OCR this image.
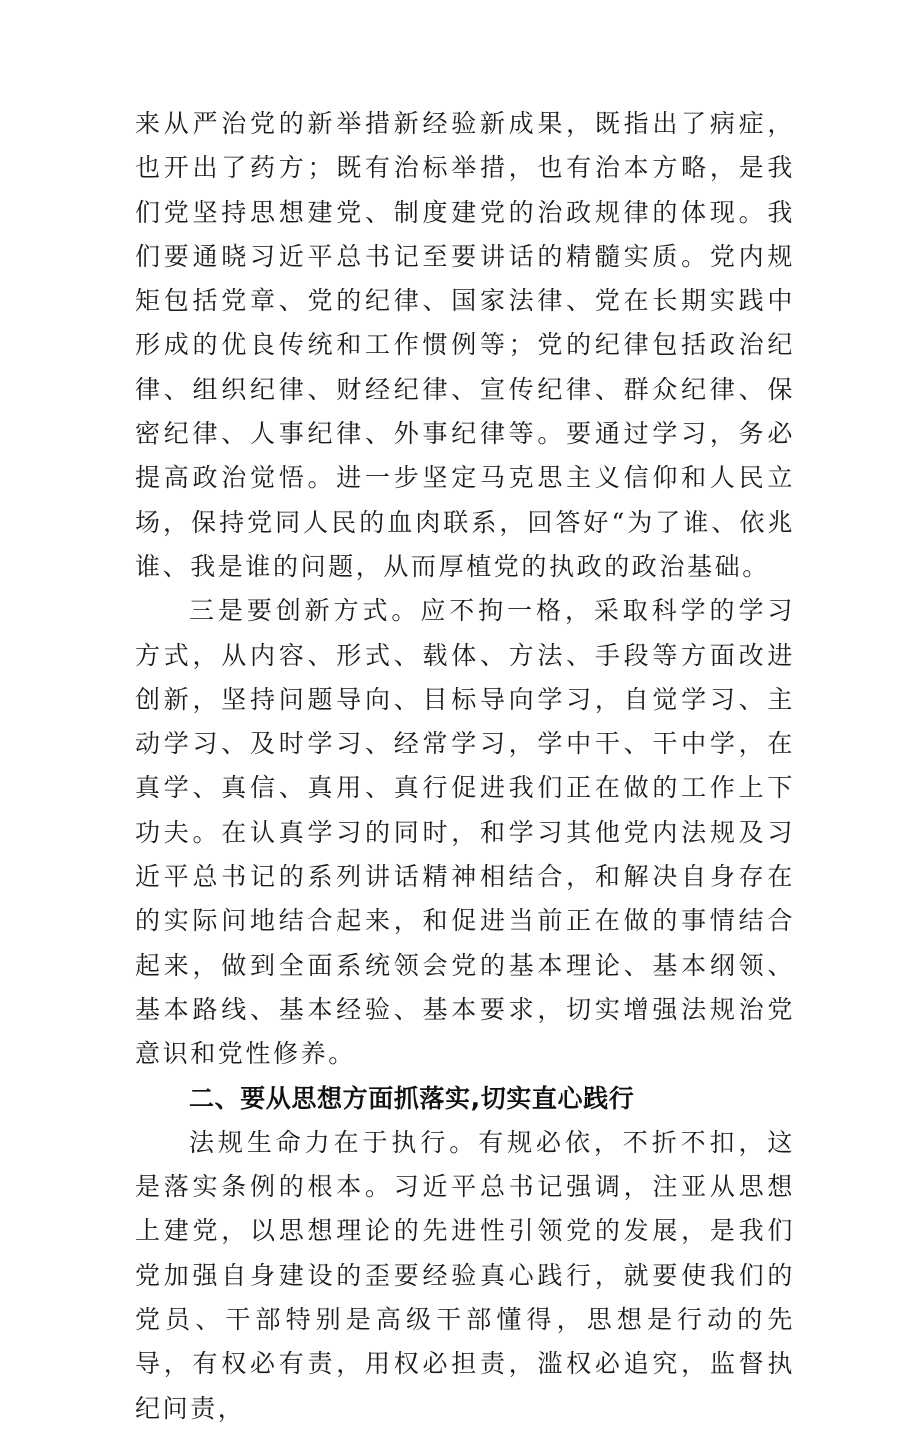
来从严治党的新举措新经验新成果，既指出了病症，也开出了药方；既有治标举措，也有治本方略，是我们党坚持思想建党、制度建党的治政规律的体现。我们要通晓习近平总书记至要讲话的精髓实质。党内规矩包括党章、党的纪律、国家法律、党在长期实践中形成的优良传统和工作惯例等；党的纪律包括政治纪律、组织纪律、财经纪律、宣传纪律、群众纪律、保密纪律、人事纪律、外事纪律等。要通过学习，务必提高政治觉悟。进一步坚定马克思主义信仰和人民立场，保持党同人民的血肉联系，回答好“为了谁、依兆谁、我是谁的问题，从而厚植党的执政的政治基础。

三是要创新方式。应不拘一格，采取科学的学习方式，从内容、形式、载体、方法、手段等方面改进创新，坚持问题导向、目标导向学习，自觉学习、主动学习、及时学习、经常学习，学中干、干中学，在真学、真信、真用、真行促进我们正在做的工作上下功夫。在认真学习的同时，和学习其他党内法规及习近平总书记的系列讲话精神相结合，和解决自身存在的实际问地结合起来，和促进当前正在做的事情结合起来，做到全面系统领会党的基本理论、基本纲领、基本路线、基本经验、基本要求，切实增强法规治党意识和党性修养。

二、要从思想方面抓落实,切实直心践行

法规生命力在于执行。有规必依，不折不扣，这是落实条例的根本。习近平总书记强调，注亚从思想上建党，以思想理论的先进性引领党的发展，是我们党加强自身建设的歪要经验真心践行，就要使我们的党员、干部特别是高级干部懂得，思想是行动的先导，有权必有责，用权必担责，滥权必追究，监督执纪问责，
